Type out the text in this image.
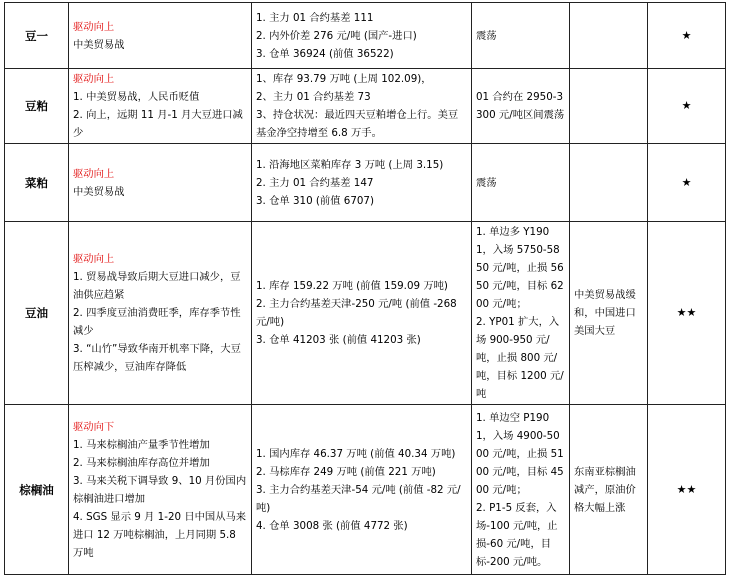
豆一	驱动向上
中美贸易战	1. 主力 01 合约基差 111
2. 内外价差 276 元/吨 (国产-进口)
3. 仓单 36924 (前值 36522)	震荡		★
豆粕	驱动向上
1. 中美贸易战，人民币贬值
2. 向上，远期 11 月-1 月大豆进口减少	1、库存 93.79 万吨 (上周 102.09)，
2、主力 01 合约基差 73
3、持仓状况：最近四天豆粕增仓上行。美豆基金净空持增至 6.8 万手。	01 合约在 2950-3300 元/吨区间震荡		★
菜粕	驱动向上
中美贸易战	1. 沿海地区菜粕库存 3 万吨 (上周 3.15)
2. 主力 01 合约基差 147
3. 仓单 310 (前值 6707)	震荡		★
豆油	驱动向上
1. 贸易战导致后期大豆进口减少，豆油供应趋紧
2. 四季度豆油消费旺季，库存季节性减少
3. “山竹”导致华南开机率下降，大豆压榨减少，豆油库存降低	1. 库存 159.22 万吨 (前值 159.09 万吨)
2. 主力合约基差天津-250 元/吨 (前值 -268 元/吨)
3. 仓单 41203 张 (前值 41203 张)	1. 单边多 Y1901，入场 5750-5850 元/吨，止损 5650 元/吨，目标 6200 元/吨；
2. YP01 扩大，入场 900-950 元/吨，止损 800 元/吨，目标 1200 元/吨	中美贸易战缓和，中国进口美国大豆	★★
棕榈油	驱动向下
1. 马来棕榈油产量季节性增加
2. 马来棕榈油库存高位并增加
3. 马来关税下调导致 9、10 月份国内棕榈油进口增加
4. SGS 显示 9 月 1-20 日中国从马来进口 12 万吨棕榈油，上月同期 5.8 万吨	1. 国内库存 46.37 万吨 (前值 40.34 万吨)
2. 马棕库存 249 万吨 (前值 221 万吨)
3. 主力合约基差天津-54 元/吨 (前值 -82 元/吨)
4. 仓单 3008 张 (前值 4772 张)	1. 单边空 P1901，入场 4900-5000 元/吨，止损 5100 元/吨，目标 4500 元/吨；
2. P1-5 反套，入场-100 元/吨，止损-60 元/吨，目标-200 元/吨。	东南亚棕榈油减产，原油价格大幅上涨	★★
